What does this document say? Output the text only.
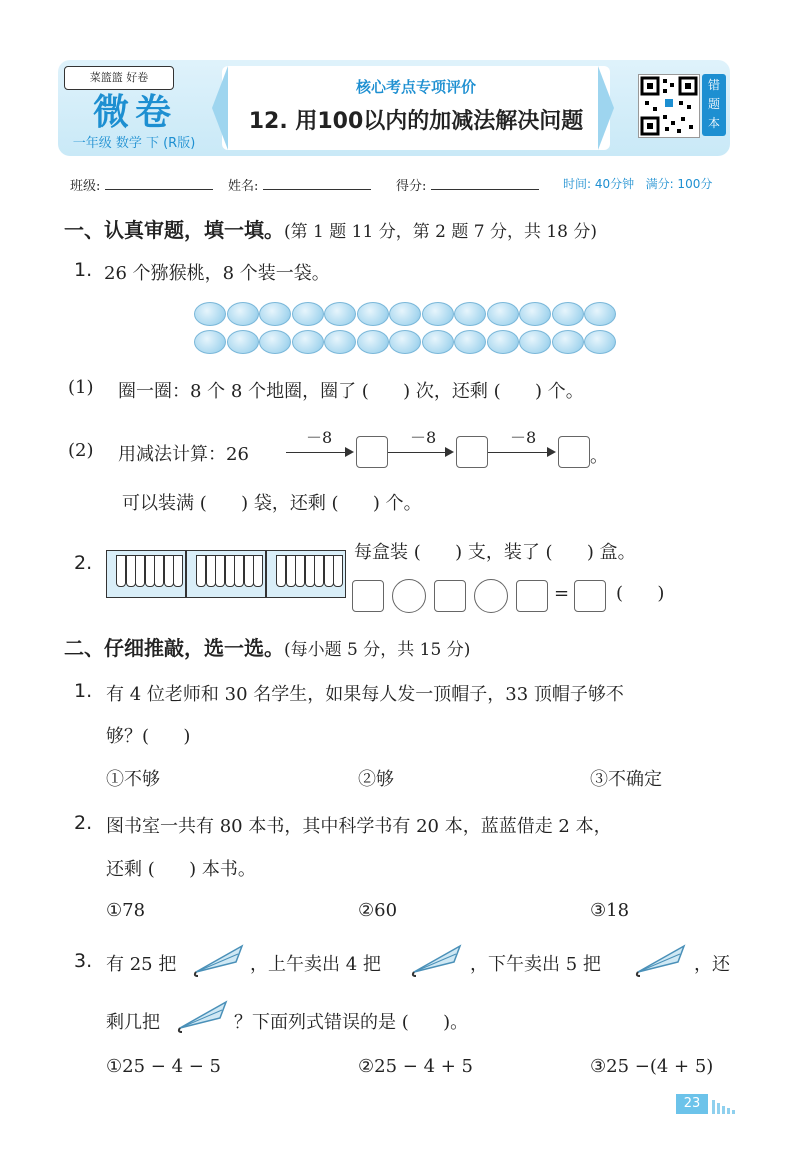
菜篮篮 好卷
微卷
一年级 数学 下 (R版)
核心考点专项评价
12. 用100以内的加减法解决问题
错题本
班级:	姓名:	得分:	时间: 40分钟   满分: 100分
一、认真审题，填一填。(第 1 题 11 分，第 2 题 7 分，共 18 分)
1. 26 个猕猴桃，8 个装一袋。
(1) 圈一圈：8 个 8 个地圈，圈了 (      ) 次，还剩 (      ) 个。
(2) 用减法计算：26
－8	－8	－8
。
可以装满 (      ) 袋，还剩 (      ) 个。
2.	每盒装 (      ) 支，装了 (      ) 盒。
=	(      )
二、仔细推敲，选一选。(每小题 5 分，共 15 分)
1. 有 4 位老师和 30 名学生，如果每人发一顶帽子，33 顶帽子够不
够？(      )
①不够	②够	③不确定
2. 图书室一共有 80 本书，其中科学书有 20 本，蓝蓝借走 2 本，
还剩 (      ) 本书。
①78	②60	③18
3. 有 25 把	，上午卖出 4 把	，下午卖出 5 把	，还
剩几把	？下面列式错误的是 (      )。
①25 − 4 − 5	②25 − 4 + 5	③25 −(4 + 5)
23
